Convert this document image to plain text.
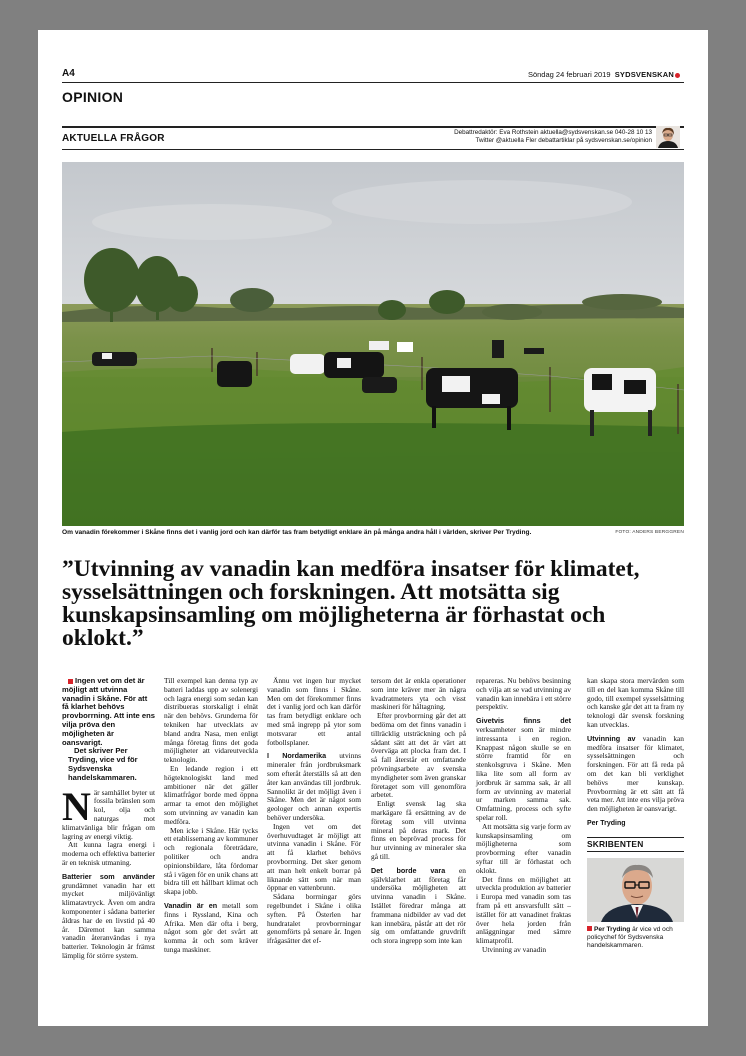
A4	Söndag 24 februari 2019 SYDSVENSKAN
OPINION
AKTUELLA FRÅGOR
Debattredaktör: Eva Rothstein aktuella@sydsvenskan.se 040-28 10 13
Twitter @aktuella Fler debattartiklar på sydsvenskan.se/opinion
Om vanadin förekommer i Skåne finns det i vanlig jord och kan därför tas fram betydligt enklare än på många andra håll i världen, skriver Per Tryding.	FOTO: ANDERS BERGGREN
”Utvinning av vanadin kan medföra insatser för klimatet, sysselsättningen och forskningen. Att motsätta sig kunskapsinsamling om möjligheterna är förhastat och oklokt.”

Ingen vet om det är möjligt att utvinna vanadin i Skåne. För att få klarhet behövs provborrning. Att inte ens vilja pröva den möjligheten är oansvarigt.

Det skriver Per Tryding, vice vd för Sydsvenska handelskammaren.

När samhället byter ut fossila bränslen som kol, olja och naturgas mot klimatvänliga blir frågan om lagring av energi viktig.

Att kunna lagra energi i moderna och effektiva batterier är en teknisk utmaning.

Batterier som använder grundämnet vanadin har ett mycket miljövänligt klimatavtryck. Även om andra komponenter i sådana batterier åldras har de en livstid på 40 år. Däremot kan samma vanadin återanvändas i nya batterier. Teknologin är främst lämplig för större system.

Till exempel kan denna typ av batteri laddas upp av solenergi och lagra energi som sedan kan distribueras storskaligt i elnät när den behövs. Grunderna för tekniken har utvecklats av bland andra Nasa, men enligt många företag finns det goda möjligheter att vidareutveckla teknologin.

En ledande region i ett högteknologiskt land med ambitioner när det gäller klimatfrågor borde med öppna armar ta emot den möjlighet som utvinning av vanadin kan medföra.

Men icke i Skåne. Här tycks ett etablissemang av kommuner och regionala företrädare, politiker och andra opinionsbildare, låta fördomar stå i vägen för en unik chans att bidra till ett hållbart klimat och skapa jobb.

Vanadin är en metall som finns i Ryssland, Kina och Afrika. Men där ofta i berg, något som gör det svårt att komma åt och som kräver tunga maskiner.

Ännu vet ingen hur mycket vanadin som finns i Skåne. Men om det förekommer finns det i vanlig jord och kan därför tas fram betydligt enklare och med små ingrepp på ytor som motsvarar ett antal fotbollsplaner.

I Nordamerika utvinns mineraler från jordbruksmark som efteråt återställs så att den åter kan användas till jordbruk. Sannolikt är det möjligt även i Skåne. Men det är något som geologer och annan expertis behöver undersöka.

Ingen vet om det överhuvudtaget är möjligt att utvinna vanadin i Skåne. För att få klarhet behövs provborrning. Det sker genom att man helt enkelt borrar på liknande sätt som när man öppnar en vattenbrunn.

Sådana borrningar görs regelbundet i Skåne i olika syften. På Österlen har hundratalet provborrningar genomförts på senare år. Ingen ifrågasätter det ef-

tersom det är enkla operationer som inte kräver mer än några kvadratmeters yta och visst maskineri för håltagning.

Efter provborrning går det att bedöma om det finns vanadin i tillräcklig utsträckning och på sådant sätt att det är värt att överväga att plocka fram det. I så fall återstår ett omfattande prövningsarbete av svenska myndigheter som även granskar företaget som vill genomföra arbetet.

Enligt svensk lag ska markägare få ersättning av de företag som vill utvinna mineral på deras mark. Det finns en beprövad process för hur utvinning av mineraler ska gå till.

Det borde vara en självklarhet att företag får undersöka möjligheten att utvinna vanadin i Skåne. Istället föredrar många att frammana nidbilder av vad det kan innebära, påstår att det rör sig om omfattande gruvdrift och stora ingrepp som inte kan

repareras. Nu behövs besinning och vilja att se vad utvinning av vanadin kan innebära i ett större perspektiv.

Givetvis finns det verksamheter som är mindre intressanta i en region. Knappast någon skulle se en större framtid för en stenkolsgruva i Skåne. Men lika lite som all form av jordbruk är samma sak, är all form av utvinning av material ur marken samma sak. Omfattning, process och syfte spelar roll.

Att motsätta sig varje form av kunskapsinsamling om möjligheterna som provborrning efter vanadin syftar till är förhastat och oklokt.

Det finns en möjlighet att utveckla produktion av batterier i Europa med vanadin som tas fram på ett ansvarsfullt sätt – istället för att vanadinet fraktas över hela jorden från anläggningar med sämre klimatprofil.

Utvinning av vanadin

kan skapa stora mervärden som till en del kan komma Skåne till godo, till exempel sysselsättning och kanske går det att ta fram ny teknologi där svensk forskning kan utvecklas.

Utvinning av vanadin kan medföra insatser för klimatet, sysselsättningen och forskningen. För att få reda på om det kan bli verklighet behövs mer kunskap. Provborrning är ett sätt att få veta mer. Att inte ens vilja pröva den möjligheten är oansvarigt.

Per Tryding

SKRIBENTEN

Per Tryding är vice vd och policychef för Sydsvenska handelskammaren.
